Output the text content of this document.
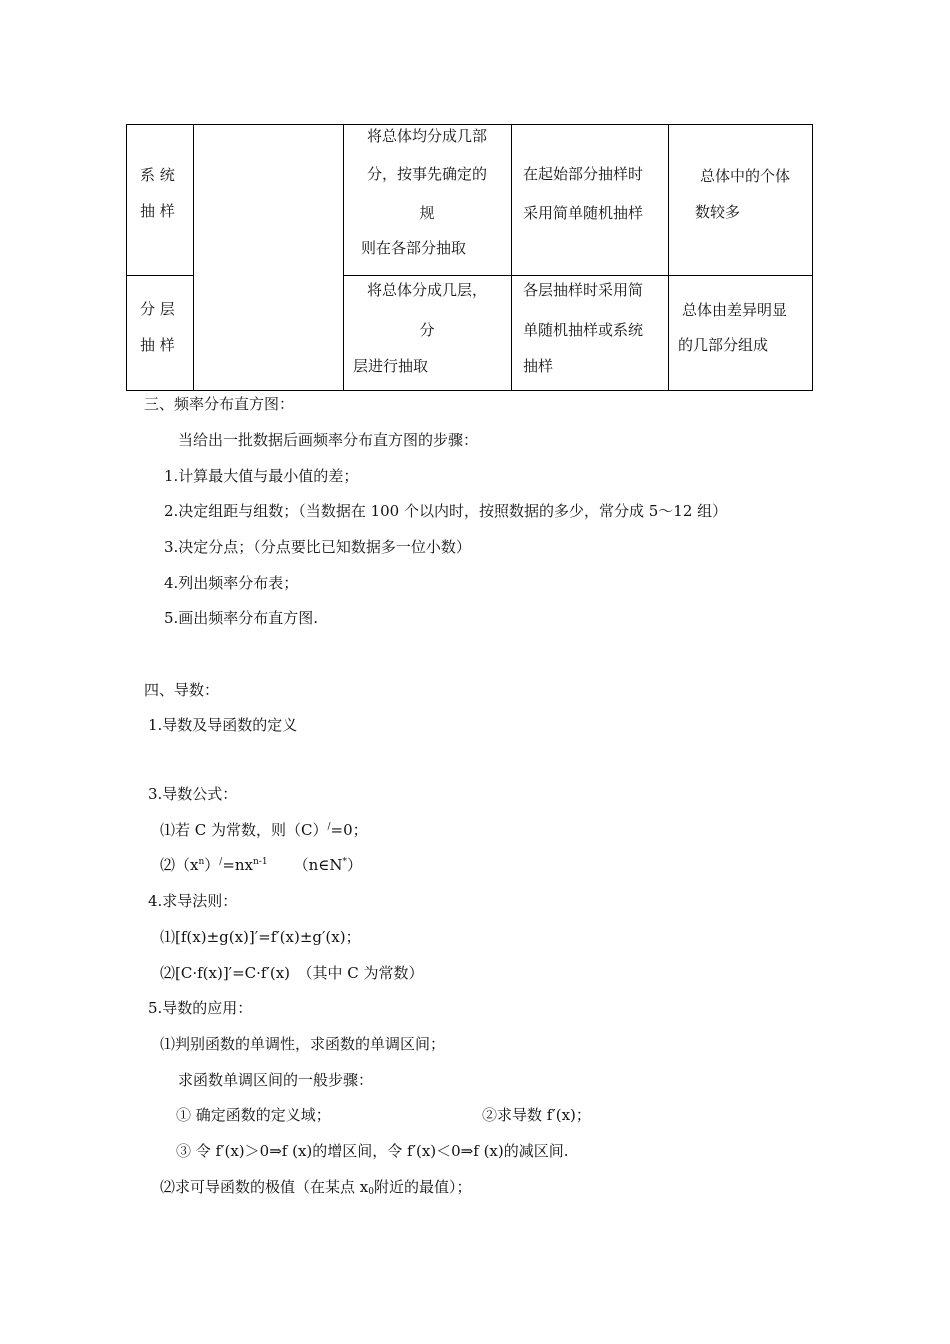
系 统
抽 样
将总体均分成几部
分，按事先确定的
规
则在各部分抽取
在起始部分抽样时
采用简单随机抽样
总体中的个体
数较多
分 层
抽 样
将总体分成几层，
分
层进行抽取
各层抽样时采用简
单随机抽样或系统
抽样
总体由差异明显
的几部分组成
三、频率分布直方图：
当给出一批数据后画频率分布直方图的步骤：
1.计算最大值与最小值的差；
2.决定组距与组数；（当数据在 100 个以内时，按照数据的多少，常分成 5～12 组）
3.决定分点；（分点要比已知数据多一位小数）
4.列出频率分布表；
5.画出频率分布直方图.
四、导数：
1.导数及导函数的定义
3.导数公式：
⑴若 C 为常数，则（C）/=0；
$⑵(x^n)^/=nx^{n-1}$ （n∈N*）
4.求导法则：
⑴[f(x)±g(x)]′=f′(x)±g′(x)；
⑵[C·f(x)]′=C·f′(x)　（其中 C 为常数）
5.导数的应用：
⑴判别函数的单调性，求函数的单调区间；
求函数单调区间的一般步骤：
① 确定函数的定义域；	②求导数 f′(x)；
③ 令 f′(x)＞0⇒f (x)的增区间，令 f′(x)＜0⇒f (x)的减区间.
⑵求可导函数的极值（在某点 $x_0$附近的最值）；
